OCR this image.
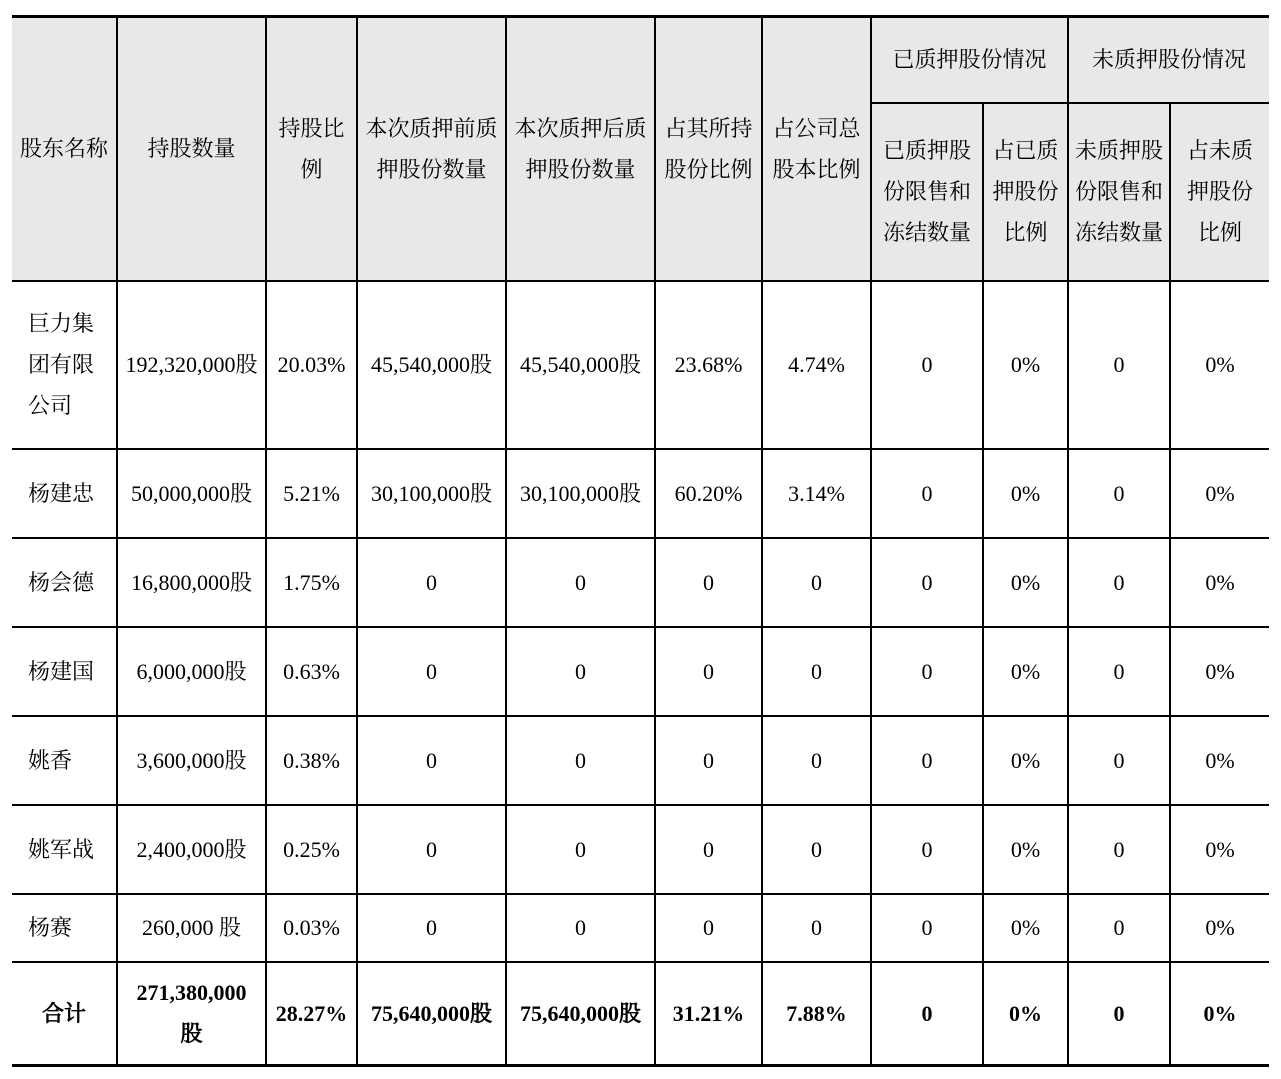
股东名称	持股数量	持股比例	本次质押前质押股份数量	本次质押后质押股份数量	占其所持股份比例	占公司总股本比例	已质押股份情况		未质押股份情况	
							已质押股份限售和冻结数量	占已质押股份比例	未质押股份限售和冻结数量	占未质押股份比例
巨力集团有限公司	192,320,000股	20.03%	45,540,000股	45,540,000股	23.68%	4.74%	0	0%	0	0%
杨建忠	50,000,000股	5.21%	30,100,000股	30,100,000股	60.20%	3.14%	0	0%	0	0%
杨会德	16,800,000股	1.75%	0	0	0	0	0	0%	0	0%
杨建国	6,000,000股	0.63%	0	0	0	0	0	0%	0	0%
姚香	3,600,000股	0.38%	0	0	0	0	0	0%	0	0%
姚军战	2,400,000股	0.25%	0	0	0	0	0	0%	0	0%
杨赛	260,000 股	0.03%	0	0	0	0	0	0%	0	0%
合计	271,380,000 股	28.27%	75,640,000股	75,640,000股	31.21%	7.88%	0	0%	0	0%
